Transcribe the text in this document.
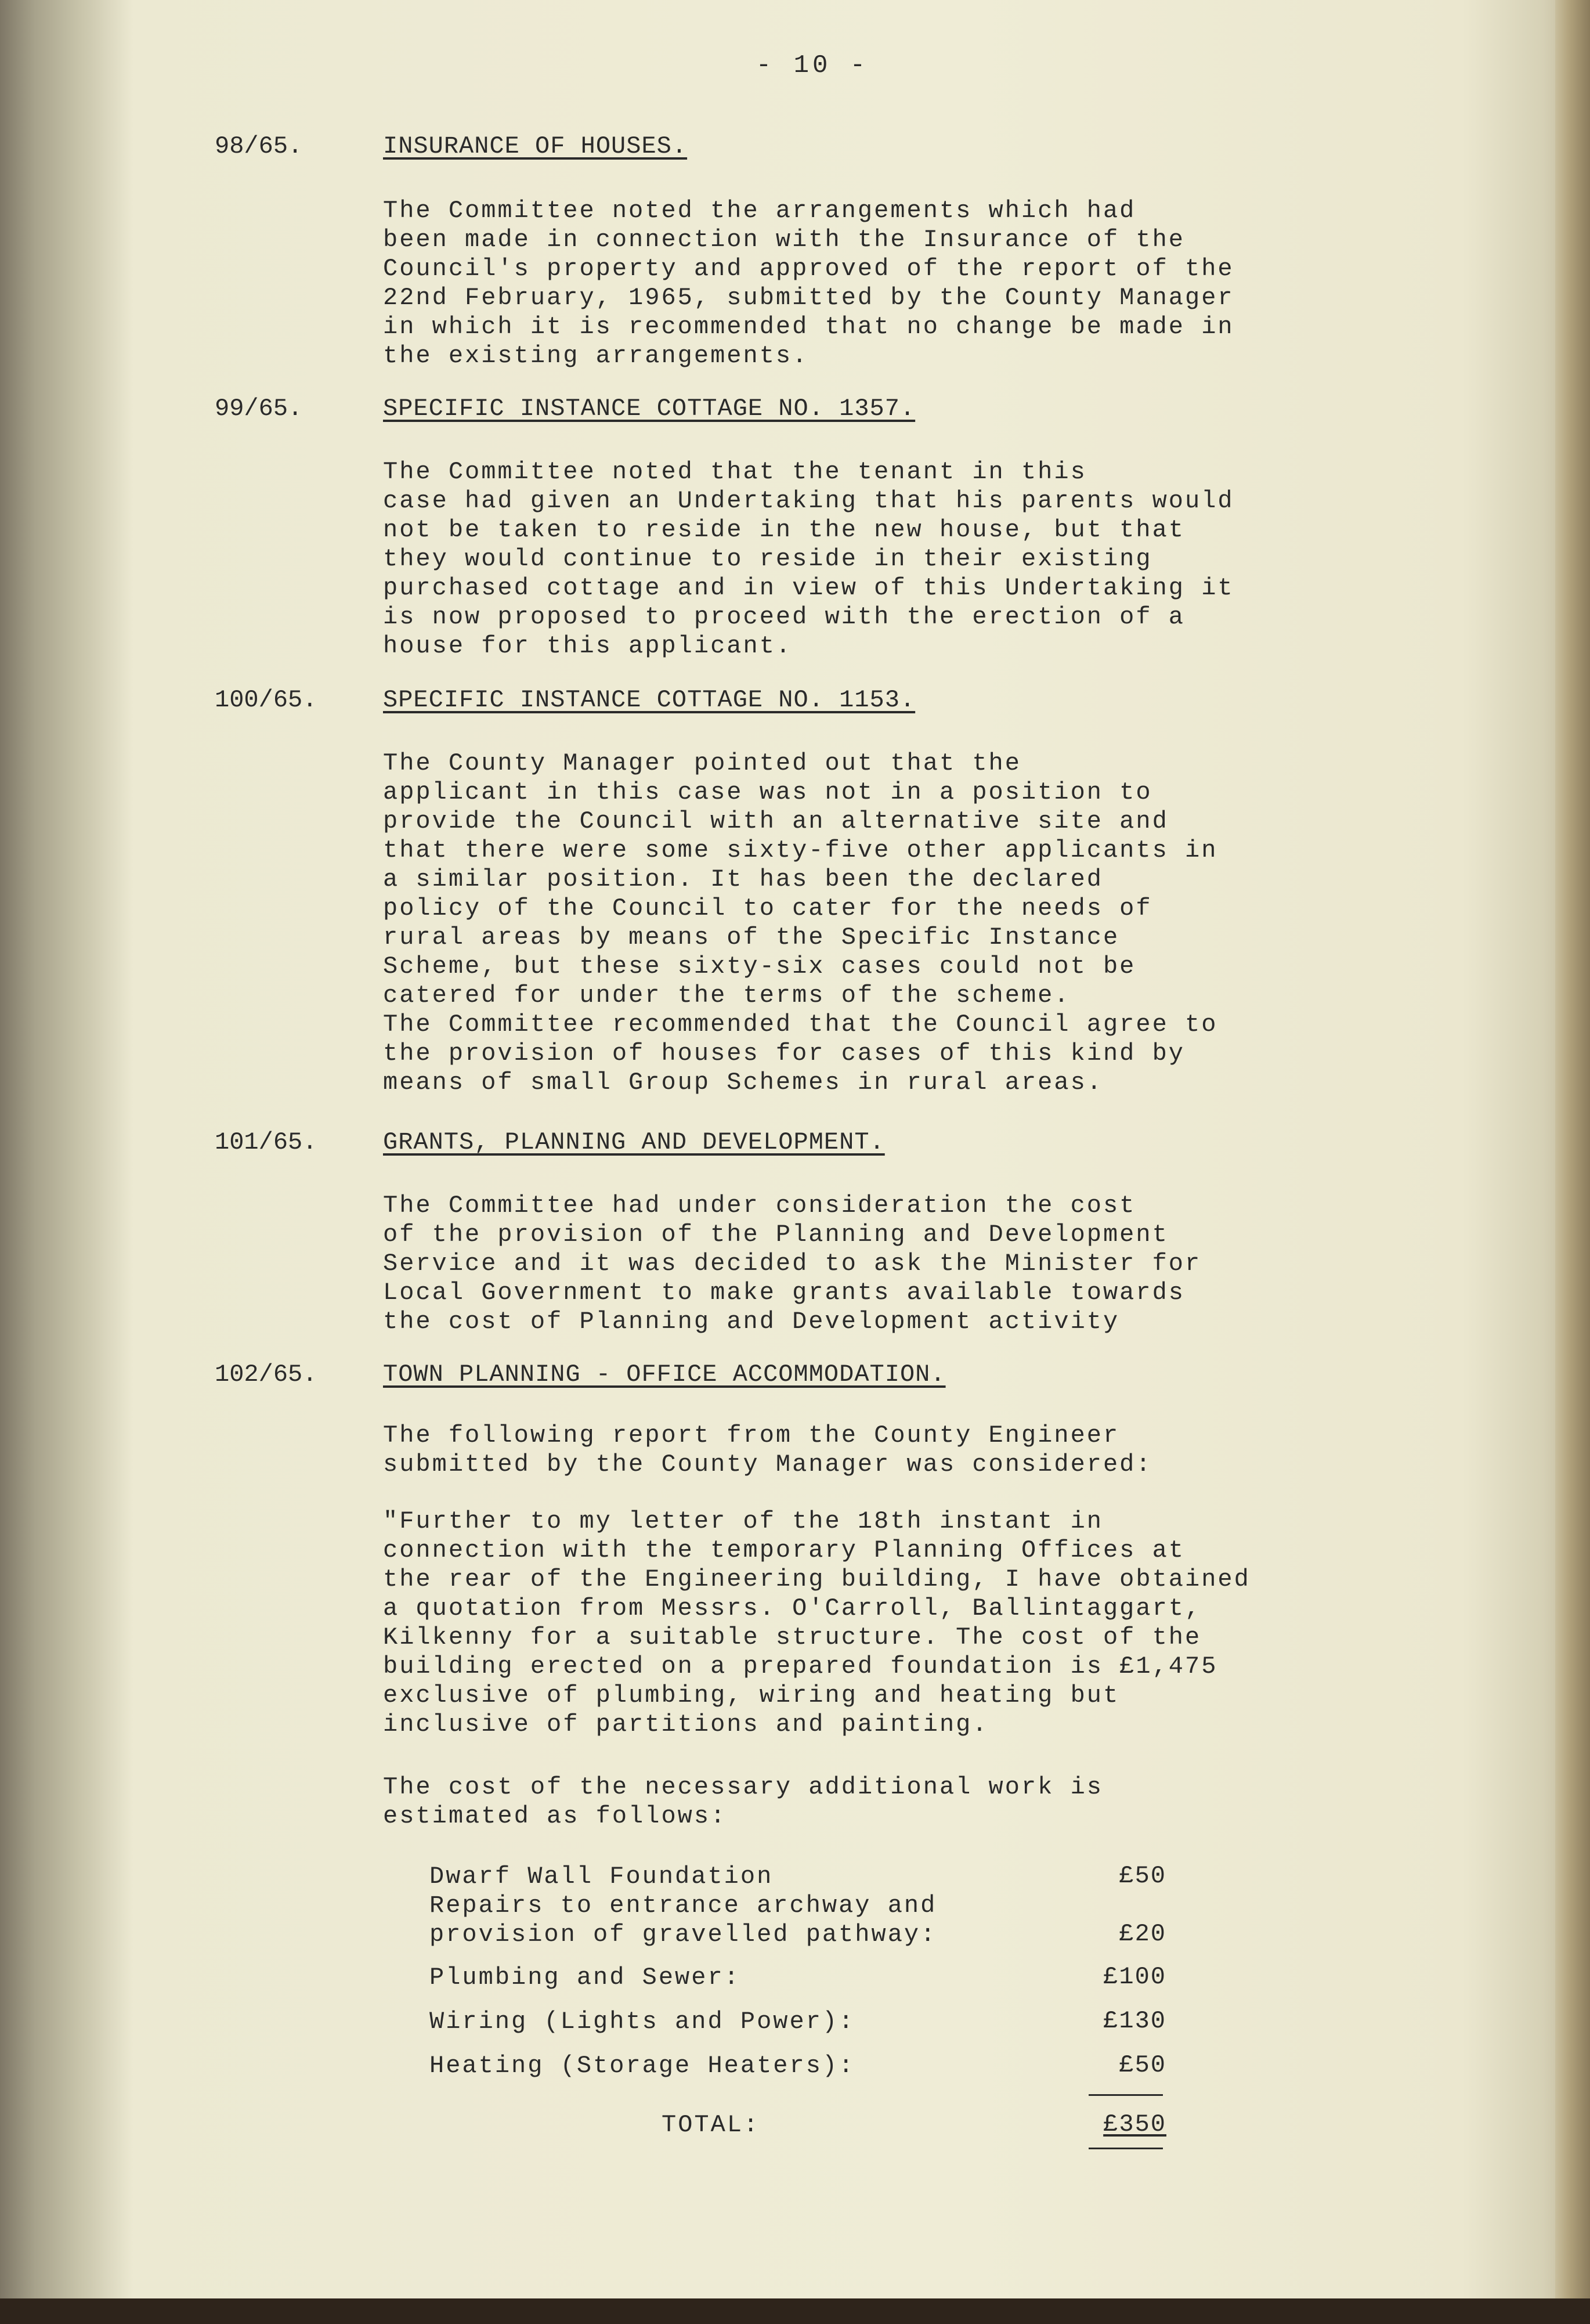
- 10 -
98/65.	INSURANCE OF HOUSES.
The Committee noted the arrangements which had
been made in connection with the Insurance of the
Council's property and approved of the report of the
22nd February, 1965, submitted by the County Manager
in which it is recommended that no change be made in
the existing arrangements.
99/65.	SPECIFIC INSTANCE COTTAGE NO. 1357.
The Committee noted that the tenant in this
case had given an Undertaking that his parents would
not be taken to reside in the new house, but that
they would continue to reside in their existing
purchased cottage and in view of this Undertaking it
is now proposed to proceed with the erection of a
house for this applicant.
100/65.	SPECIFIC INSTANCE COTTAGE NO. 1153.
The County Manager pointed out that the
applicant in this case was not in a position to
provide the Council with an alternative site and
that there were some sixty-five other applicants in
a similar position. It has been the declared
policy of the Council to cater for the needs of
rural areas by means of the Specific Instance
Scheme, but these sixty-six cases could not be
catered for under the terms of the scheme.
The Committee recommended that the Council agree to
the provision of houses for cases of this kind by
means of small Group Schemes in rural areas.
101/65.	GRANTS, PLANNING AND DEVELOPMENT.
The Committee had under consideration the cost
of the provision of the Planning and Development
Service and it was decided to ask the Minister for
Local Government to make grants available towards
the cost of Planning and Development activity
102/65.	TOWN PLANNING - OFFICE ACCOMMODATION.
The following report from the County Engineer
submitted by the County Manager was considered:
"Further to my letter of the 18th instant in
connection with the temporary Planning Offices at
the rear of the Engineering building, I have obtained
a quotation from Messrs. O'Carroll, Ballintaggart,
Kilkenny for a suitable structure. The cost of the
building erected on a prepared foundation is £1,475
exclusive of plumbing, wiring and heating but
inclusive of partitions and painting.
The cost of the necessary additional work is
estimated as follows:
Dwarf Wall Foundation	£50
Repairs to entrance archway and
provision of gravelled pathway:	£20
Plumbing and Sewer:	£100
Wiring (Lights and Power):	£130
Heating (Storage Heaters):	£50
TOTAL:	£350
